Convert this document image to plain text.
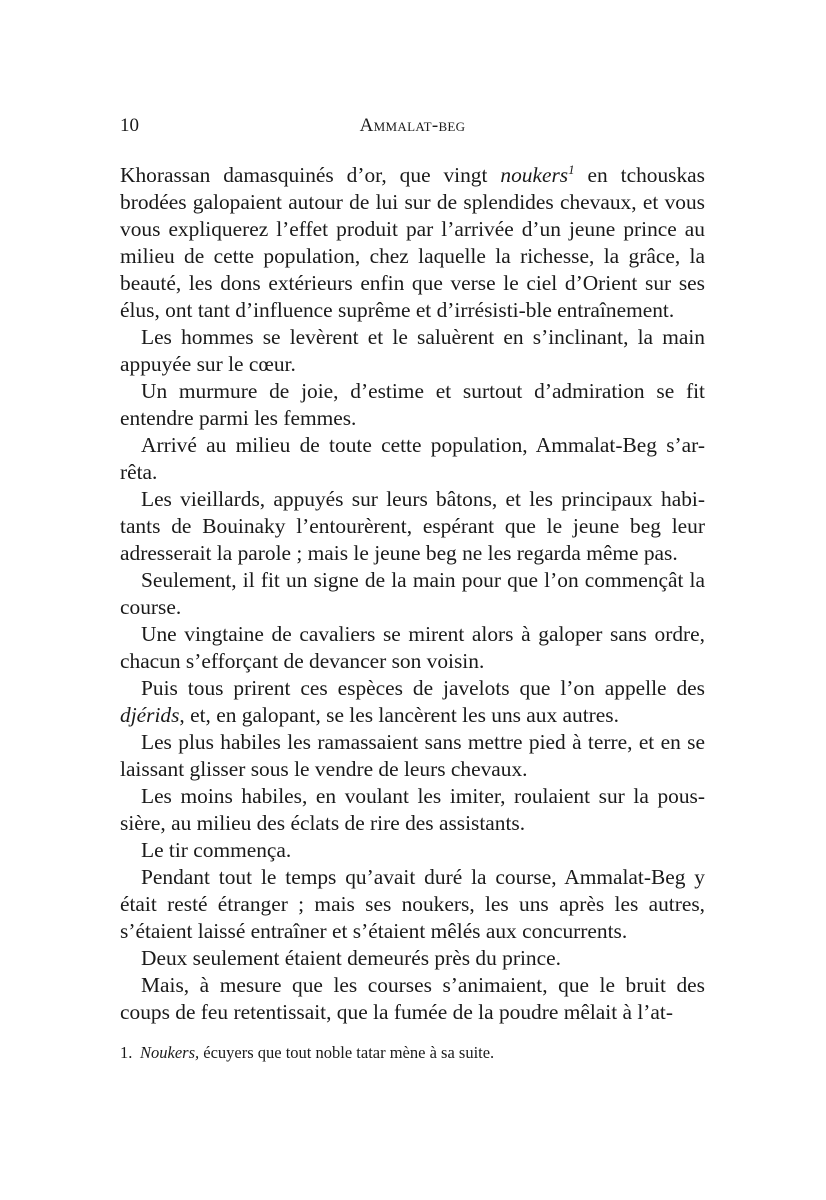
10	Ammalat-beg

Khorassan damasquinés d’or, que vingt noukers$^1$ en tchouskas brodées galopaient autour de lui sur de splendides chevaux, et vous vous expliquerez l’effet produit par l’arrivée d’un jeune prince au milieu de cette population, chez laquelle la richesse, la grâce, la beauté, les dons extérieurs enfin que verse le ciel d’Orient sur ses élus, ont tant d’influence suprême et d’irrésisti-ble entraînement.

Les hommes se levèrent et le saluèrent en s’inclinant, la main appuyée sur le cœur.

Un murmure de joie, d’estime et surtout d’admiration se fit entendre parmi les femmes.

Arrivé au milieu de toute cette population, Ammalat-Beg s’ar-rêta.

Les vieillards, appuyés sur leurs bâtons, et les principaux habi-tants de Bouinaky l’entourèrent, espérant que le jeune beg leur adresserait la parole ; mais le jeune beg ne les regarda même pas.

Seulement, il fit un signe de la main pour que l’on commençât la course.

Une vingtaine de cavaliers se mirent alors à galoper sans ordre, chacun s’efforçant de devancer son voisin.

Puis tous prirent ces espèces de javelots que l’on appelle des djérids, et, en galopant, se les lancèrent les uns aux autres.

Les plus habiles les ramassaient sans mettre pied à terre, et en se laissant glisser sous le vendre de leurs chevaux.

Les moins habiles, en voulant les imiter, roulaient sur la pous-sière, au milieu des éclats de rire des assistants.

Le tir commença.

Pendant tout le temps qu’avait duré la course, Ammalat-Beg y était resté étranger ; mais ses noukers, les uns après les autres, s’étaient laissé entraîner et s’étaient mêlés aux concurrents.

Deux seulement étaient demeurés près du prince.

Mais, à mesure que les courses s’animaient, que le bruit des coups de feu retentissait, que la fumée de la poudre mêlait à l’at-

1. Noukers, écuyers que tout noble tatar mène à sa suite.
